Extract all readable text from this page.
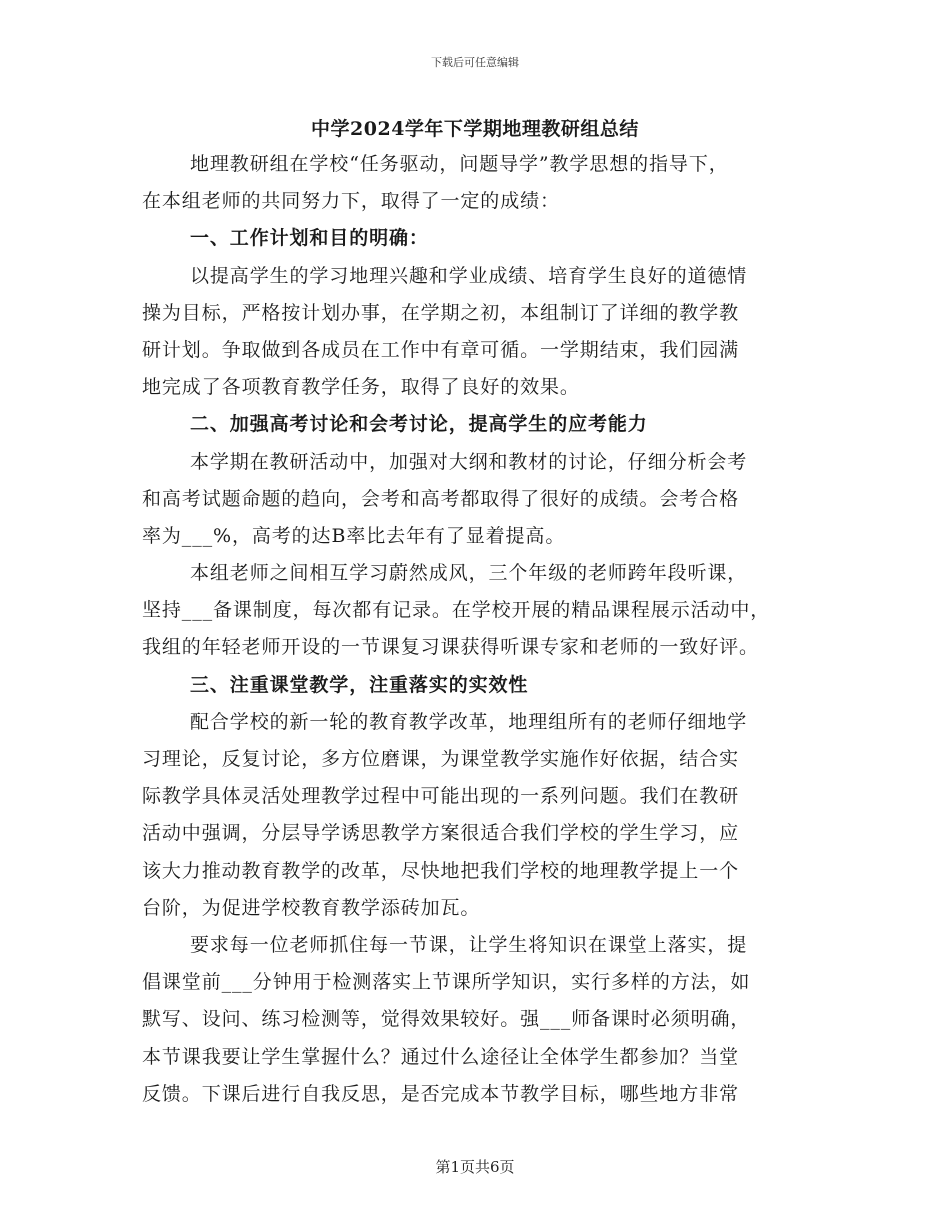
下载后可任意编辑
中学2024学年下学期地理教研组总结
地理教研组在学校“任务驱动，问题导学”教学思想的指导下，
在本组老师的共同努力下，取得了一定的成绩：
一、工作计划和目的明确：
以提高学生的学习地理兴趣和学业成绩、培育学生良好的道德情
操为目标，严格按计划办事，在学期之初，本组制订了详细的教学教
研计划。争取做到各成员在工作中有章可循。一学期结束，我们园满
地完成了各项教育教学任务，取得了良好的效果。
二、加强高考讨论和会考讨论，提高学生的应考能力
本学期在教研活动中，加强对大纲和教材的讨论，仔细分析会考
和高考试题命题的趋向，会考和高考都取得了很好的成绩。会考合格
率为___%，高考的达B率比去年有了显着提高。
本组老师之间相互学习蔚然成风，三个年级的老师跨年段听课，
坚持___备课制度，每次都有记录。在学校开展的精品课程展示活动中，
我组的年轻老师开设的一节课复习课获得听课专家和老师的一致好评。
三、注重课堂教学，注重落实的实效性
配合学校的新一轮的教育教学改革，地理组所有的老师仔细地学
习理论，反复讨论，多方位磨课，为课堂教学实施作好依据，结合实
际教学具体灵活处理教学过程中可能出现的一系列问题。我们在教研
活动中强调，分层导学诱思教学方案很适合我们学校的学生学习，应
该大力推动教育教学的改革，尽快地把我们学校的地理教学提上一个
台阶，为促进学校教育教学添砖加瓦。
要求每一位老师抓住每一节课，让学生将知识在课堂上落实，提
倡课堂前___分钟用于检测落实上节课所学知识，实行多样的方法，如
默写、设问、练习检测等，觉得效果较好。强___师备课时必须明确，
本节课我要让学生掌握什么？通过什么途径让全体学生都参加？当堂
反馈。下课后进行自我反思，是否完成本节教学目标，哪些地方非常
第1页共6页
